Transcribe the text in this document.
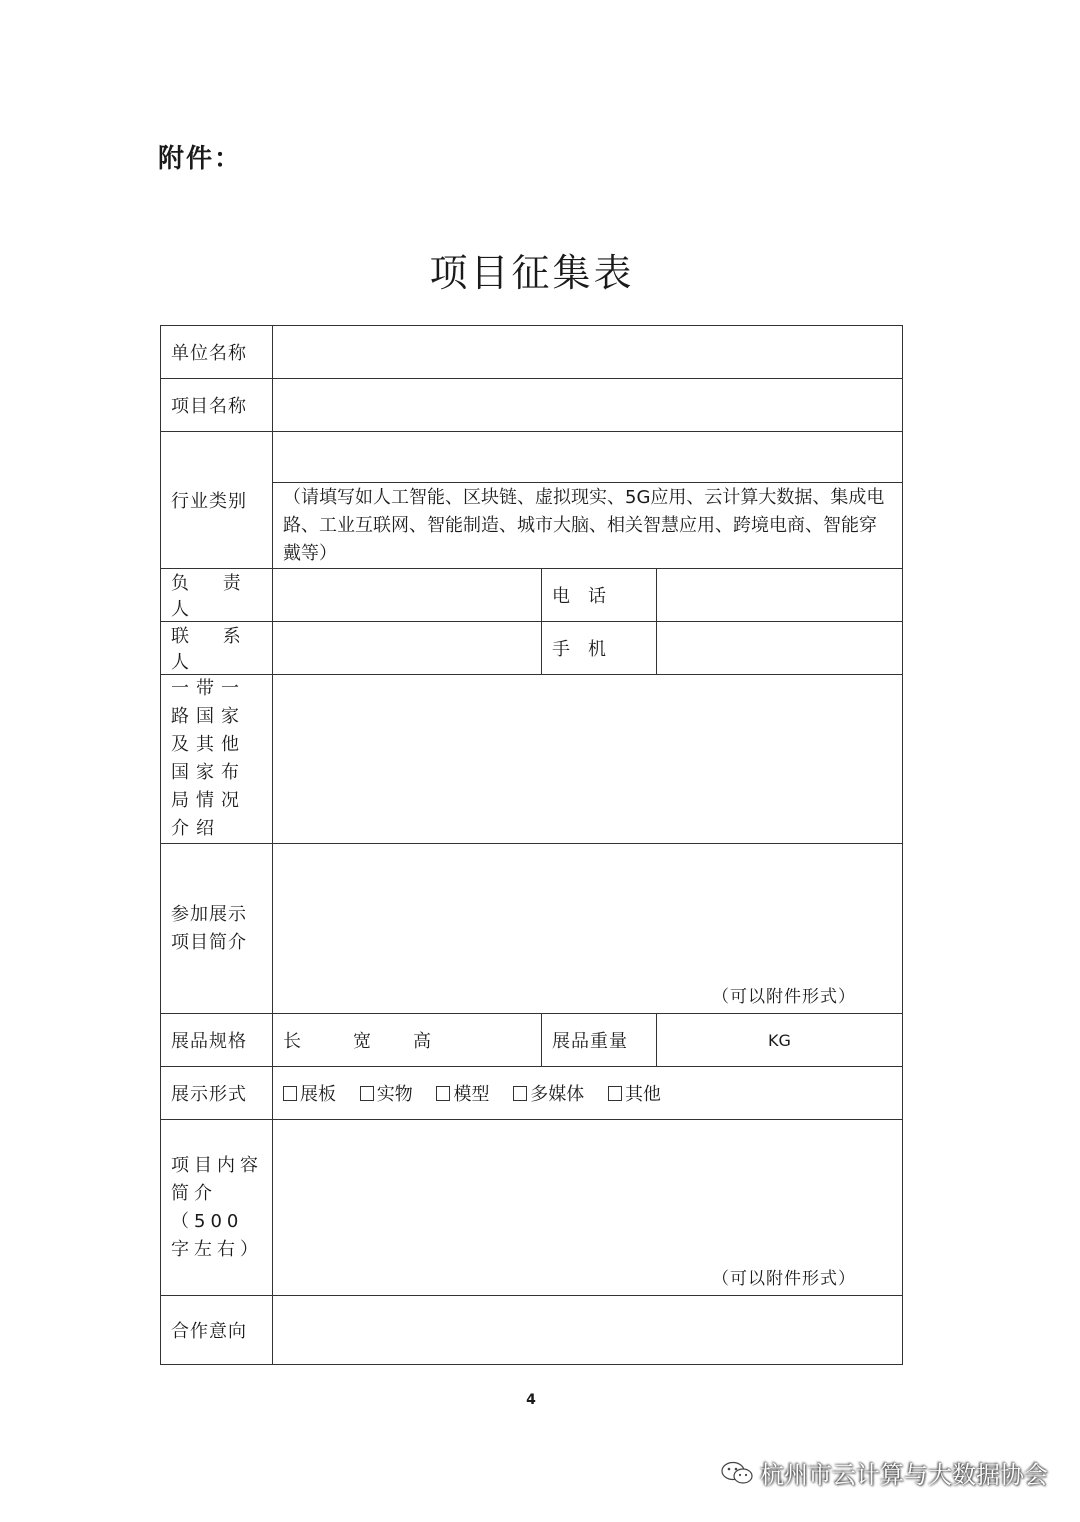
附件：
项目征集表
单位名称			
项目名称			
行业类别	（请填写如人工智能、区块链、虚拟现实、5G应用、云计算大数据、集成电路、工业互联网、智能制造、城市大脑、相关智慧应用、跨境电商、智能穿戴等）		

负 责 人		电　话	
联 系 人		手　机	
一带一路国家及其他国家布局情况介绍			
参加展示项目简介	（可以附件形式）		

展品规格	长 宽 高	展品重量	KG
展示形式	展板 实物 模型 多媒体 其他		
项目内容简介（500字左右）	（可以附件形式）		

合作意向			
4
杭州市云计算与大数据协会
